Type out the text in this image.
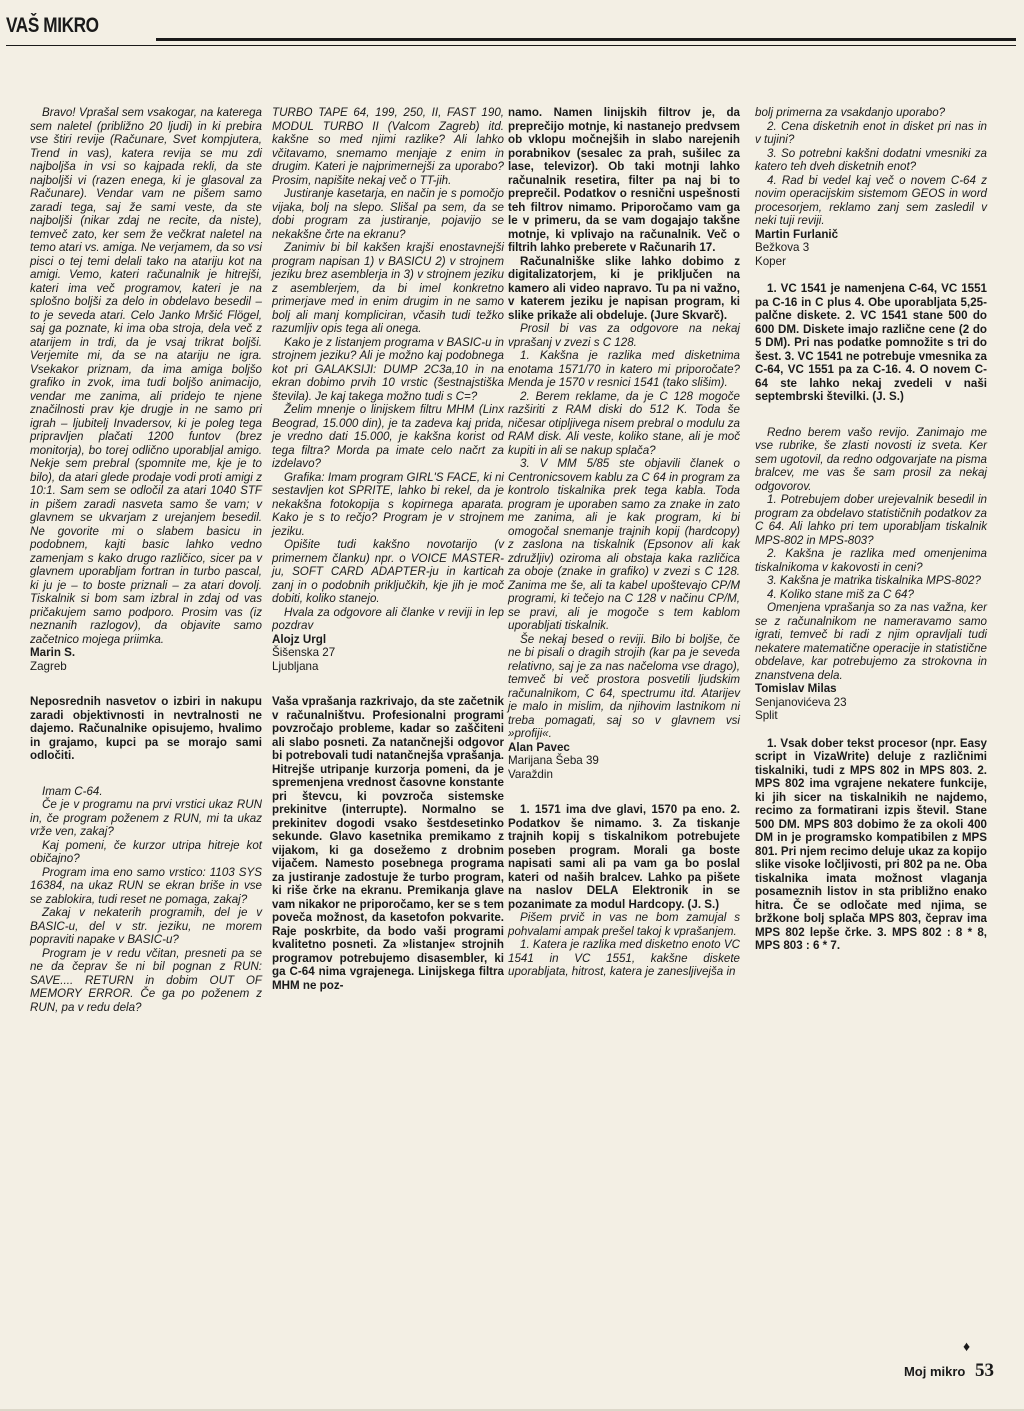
VAŠ MIKRO

Bravo! Vprašal sem vsakogar, na katerega sem naletel (približno 20 ljudi) in ki prebira vse štiri revije (Računare, Svet kompjutera, Trend in vas), katera revija se mu zdi najboljša in vsi so kajpada rekli, da ste najboljši vi (razen enega, ki je glasoval za Računare). Vendar vam ne pišem samo zaradi tega, saj že sami veste, da ste najboljši (nikar zdaj ne recite, da niste), temveč zato, ker sem že večkrat naletel na temo atari vs. amiga. Ne verjamem, da so vsi pisci o tej temi delali tako na atariju kot na amigi. Vemo, kateri računalnik je hitrejši, kateri ima več programov, kateri je na splošno boljši za delo in obdelavo besedil – to je seveda atari. Celo Janko Mršić Flögel, saj ga poznate, ki ima oba stroja, dela več z atarijem in trdi, da je vsaj trikrat boljši. Verjemite mi, da se na atariju ne igra. Vsekakor priznam, da ima amiga boljšo grafiko in zvok, ima tudi boljšo animacijo, vendar me zanima, ali pridejo te njene značilnosti prav kje drugje in ne samo pri igrah – ljubitelj Invadersov, ki je poleg tega pripravljen plačati 1200 funtov (brez monitorja), bo torej odlično uporabljal amigo. Nekje sem prebral (spomnite me, kje je to bilo), da atari glede prodaje vodi proti amigi z 10:1. Sam sem se odločil za atari 1040 STF in pišem zaradi nasveta samo še vam; v glavnem se ukvarjam z urejanjem besedil. Ne govorite mi o slabem basicu in podobnem, kajti basic lahko vedno zamenjam s kako drugo različico, sicer pa v glavnem uporabljam fortran in turbo pascal, ki ju je – to boste priznali – za atari dovolj. Tiskalnik si bom sam izbral in zdaj od vas pričakujem samo podporo. Prosim vas (iz neznanih razlogov), da objavite samo začetnico mojega priimka.

Marin S.

Zagreb

Neposrednih nasvetov o izbiri in nakupu zaradi objektivnosti in nevtralnosti ne dajemo. Računalnike opisujemo, hvalimo in grajamo, kupci pa se morajo sami odločiti.

Imam C-64.

Če je v programu na prvi vrstici ukaz RUN in, če program poženem z RUN, mi ta ukaz vrže ven, zakaj?

Kaj pomeni, če kurzor utripa hitreje kot običajno?

Program ima eno samo vrstico: 1103 SYS 16384, na ukaz RUN se ekran briše in vse se zablokira, tudi reset ne pomaga, zakaj?

Zakaj v nekaterih programih, del je v BASIC-u, del v str. jeziku, ne morem popraviti napake v BASIC-u?

Program je v redu včitan, presneti pa se ne da čeprav še ni bil pognan z RUN: SAVE.... RETURN in dobim OUT OF MEMORY ERROR. Če ga po poženem z RUN, pa v redu dela?

TURBO TAPE 64, 199, 250, II, FAST 190, MODUL TURBO II (Valcom Zagreb) itd. kakšne so med njimi razlike? Ali lahko včitavamo, snemamo menjaje z enim in drugim. Kateri je najprimernejši za uporabo? Prosim, napišite nekaj več o TT-jih.

Justiranje kasetarja, en način je s pomočjo vijaka, bolj na slepo. Slišal pa sem, da se dobi program za justiranje, pojavijo se nekakšne črte na ekranu?

Zanimiv bi bil kakšen krajši enostavnejši program napisan 1) v BASICU 2) v strojnem jeziku brez asemblerja in 3) v strojnem jeziku z asemblerjem, da bi imel konkretno primerjave med in enim drugim in ne samo bolj ali manj kompliciran, včasih tudi težko razumljiv opis tega ali onega.

Kako je z listanjem programa v BASIC-u in strojnem jeziku? Ali je možno kaj podobnega kot pri GALAKSIJI: DUMP 2C3a,10 in na ekran dobimo prvih 10 vrstic (šestnajstiška števila). Je kaj takega možno tudi s C=?

Želim mnenje o linijskem filtru MHM (Linx Beograd, 15.000 din), je ta zadeva kaj prida, je vredno dati 15.000, je kakšna korist od tega filtra? Morda pa imate celo načrt za izdelavo?

Grafika: Imam program GIRL'S FACE, ki ni sestavljen kot SPRITE, lahko bi rekel, da je nekakšna fotokopija s kopirnega aparata. Kako je s to rečjo? Program je v strojnem jeziku.

Opišite tudi kakšno novotarijo (v primernem članku) npr. o VOICE MASTER-ju, SOFT CARD ADAPTER-ju in karticah zanj in o podobnih priključkih, kje jih je moč dobiti, koliko stanejo.

Hvala za odgovore ali članke v reviji in lep pozdrav

Alojz Urgl

Šišenska 27

Ljubljana

Vaša vprašanja razkrivajo, da ste začetnik v računalništvu. Profesionalni programi povzročajo probleme, kadar so zaščiteni ali slabo posneti. Za natančnejši odgovor bi potrebovali tudi natančnejša vprašanja. Hitrejše utripanje kurzorja pomeni, da je spremenjena vrednost časovne konstante pri števcu, ki povzroča sistemske prekinitve (interrupte). Normalno se prekinitev dogodi vsako šestdesetinko sekunde. Glavo kasetnika premikamo z vijakom, ki ga dosežemo z drobnim vijačem. Namesto posebnega programa za justiranje zadostuje že turbo program, ki riše črke na ekranu. Premikanja glave vam nikakor ne priporočamo, ker se s tem poveča možnost, da kasetofon pokvarite. Raje poskrbite, da bodo vaši programi kvalitetno posneti. Za »listanje« strojnih programov potrebujemo disasembler, ki ga C-64 nima vgrajenega. Linijskega filtra MHM ne poz-

namo. Namen linijskih filtrov je, da preprečijo motnje, ki nastanejo predvsem ob vklopu močnejših in slabo narejenih porabnikov (sesalec za prah, sušilec za lase, televizor). Ob taki motnji lahko računalnik resetira, filter pa naj bi to preprečil. Podatkov o resnični uspešnosti teh filtrov nimamo. Priporočamo vam ga le v primeru, da se vam dogajajo takšne motnje, ki vplivajo na računalnik. Več o filtrih lahko preberete v Računarih 17.

Računalniške slike lahko dobimo z digitalizatorjem, ki je priključen na kamero ali video napravo. Tu pa ni važno, v katerem jeziku je napisan program, ki slike prikaže ali obdeluje. (Jure Skvarč).

Prosil bi vas za odgovore na nekaj vprašanj v zvezi s C 128.

1. Kakšna je razlika med disketnima enotama 1571/70 in katero mi priporočate? Menda je 1570 v resnici 1541 (tako slišim).

2. Berem reklame, da je C 128 mogoče razširiti z RAM diski do 512 K. Toda še ničesar otipljivega nisem prebral o modulu za RAM disk. Ali veste, koliko stane, ali je moč kupiti in ali se nakup splača?

3. V MM 5/85 ste objavili članek o Centronicsovem kablu za C 64 in program za kontrolo tiskalnika prek tega kabla. Toda program je uporaben samo za znake in zato me zanima, ali je kak program, ki bi omogočal snemanje trajnih kopij (hardcopy) z zaslona na tiskalnik (Epsonov ali kak združljiv) oziroma ali obstaja kaka različica za oboje (znake in grafiko) v zvezi s C 128. Zanima me še, ali ta kabel upoštevajo CP/M programi, ki tečejo na C 128 v načinu CP/M, se pravi, ali je mogoče s tem kablom uporabljati tiskalnik.

Še nekaj besed o reviji. Bilo bi boljše, če ne bi pisali o dragih strojih (kar pa je seveda relativno, saj je za nas načeloma vse drago), temveč bi več prostora posvetili ljudskim računalnikom, C 64, spectrumu itd. Atarijev je malo in mislim, da njihovim lastnikom ni treba pomagati, saj so v glavnem vsi »profiji«.

Alan Pavec

Marijana Šeba 39

Varaždin

1. 1571 ima dve glavi, 1570 pa eno. 2. Podatkov še nimamo. 3. Za tiskanje trajnih kopij s tiskalnikom potrebujete poseben program. Morali ga boste napisati sami ali pa vam ga bo poslal kateri od naših bralcev. Lahko pa pišete na naslov DELA Elektronik in se pozanimate za modul Hardcopy. (J. S.)

Pišem prvič in vas ne bom zamujal s pohvalami ampak prešel takoj k vprašanjem.

1. Katera je razlika med disketno enoto VC 1541 in VC 1551, kakšne diskete uporabljata, hitrost, katera je zanesljivejša in

bolj primerna za vsakdanjo uporabo?

2. Cena disketnih enot in disket pri nas in v tujini?

3. So potrebni kakšni dodatni vmesniki za katero teh dveh disketnih enot?

4. Rad bi vedel kaj več o novem C-64 z novim operacijskim sistemom GEOS in word procesorjem, reklamo zanj sem zasledil v neki tuji reviji.

Martin Furlanič

Bežkova 3

Koper

1. VC 1541 je namenjena C-64, VC 1551 pa C-16 in C plus 4. Obe uporabljata 5,25-palčne diskete. 2. VC 1541 stane 500 do 600 DM. Diskete imajo različne cene (2 do 5 DM). Pri nas podatke pomnožite s tri do šest. 3. VC 1541 ne potrebuje vmesnika za C-64, VC 1551 pa za C-16. 4. O novem C-64 ste lahko nekaj zvedeli v naši septembrski številki. (J. S.)

Redno berem vašo revijo. Zanimajo me vse rubrike, še zlasti novosti iz sveta. Ker sem ugotovil, da redno odgovarjate na pisma bralcev, me vas še sam prosil za nekaj odgovorov.

1. Potrebujem dober urejevalnik besedil in program za obdelavo statističnih podatkov za C 64. Ali lahko pri tem uporabljam tiskalnik MPS-802 in MPS-803?

2. Kakšna je razlika med omenjenima tiskalnikoma v kakovosti in ceni?

3. Kakšna je matrika tiskalnika MPS-802?

4. Koliko stane miš za C 64?

Omenjena vprašanja so za nas važna, ker se z računalnikom ne nameravamo samo igrati, temveč bi radi z njim opravljali tudi nekatere matematične operacije in statistične obdelave, kar potrebujemo za strokovna in znanstvena dela.

Tomislav Milas

Senjanovićeva 23

Split

1. Vsak dober tekst procesor (npr. Easy script in VizaWrite) deluje z različnimi tiskalniki, tudi z MPS 802 in MPS 803. 2. MPS 802 ima vgrajene nekatere funkcije, ki jih sicer na tiskalnikih ne najdemo, recimo za formatirani izpis števil. Stane 500 DM. MPS 803 dobimo že za okoli 400 DM in je programsko kompatibilen z MPS 801. Pri njem recimo deluje ukaz za kopijo slike visoke ločljivosti, pri 802 pa ne. Oba tiskalnika imata možnost vlaganja posameznih listov in sta približno enako hitra. Če se odločate med njima, se bržkone bolj splača MPS 803, čeprav ima MPS 802 lepše črke. 3. MPS 802 : 8 * 8, MPS 803 : 6 * 7.

♦
Moj mikro 53
